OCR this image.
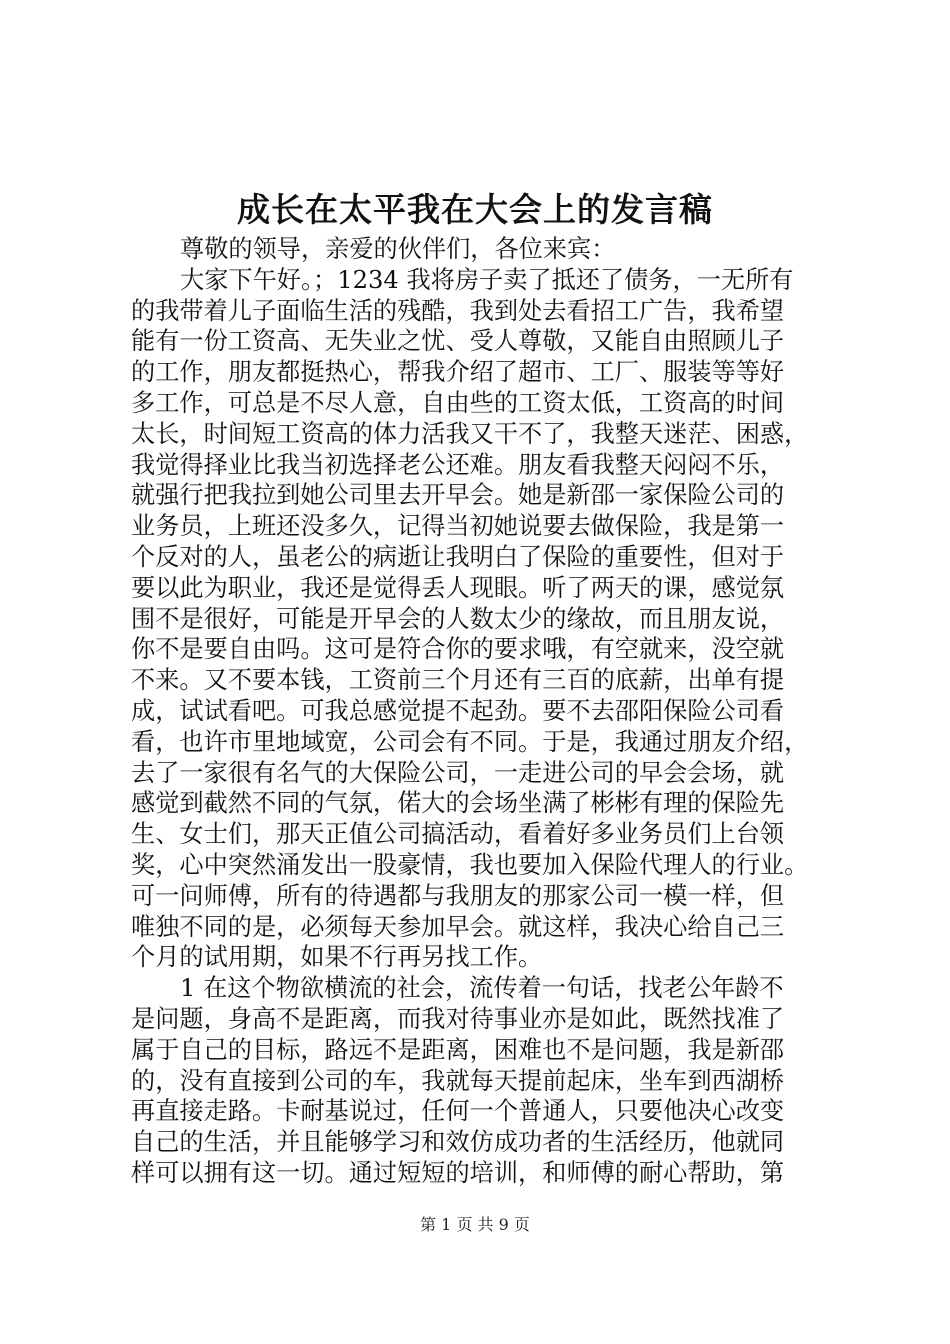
成长在太平我在大会上的发言稿
尊敬的领导，亲爱的伙伴们，各位来宾：
大家下午好。；1234 我将房子卖了抵还了债务，一无所有
的我带着儿子面临生活的残酷，我到处去看招工广告，我希望
能有一份工资高、无失业之忧、受人尊敬，又能自由照顾儿子
的工作，朋友都挺热心，帮我介绍了超市、工厂、服装等等好
多工作，可总是不尽人意，自由些的工资太低，工资高的时间
太长，时间短工资高的体力活我又干不了，我整天迷茫、困惑，
我觉得择业比我当初选择老公还难。朋友看我整天闷闷不乐，
就强行把我拉到她公司里去开早会。她是新邵一家保险公司的
业务员，上班还没多久，记得当初她说要去做保险，我是第一
个反对的人，虽老公的病逝让我明白了保险的重要性，但对于
要以此为职业，我还是觉得丢人现眼。听了两天的课，感觉氛
围不是很好，可能是开早会的人数太少的缘故，而且朋友说，
你不是要自由吗。这可是符合你的要求哦，有空就来，没空就
不来。又不要本钱，工资前三个月还有三百的底薪，出单有提
成，试试看吧。可我总感觉提不起劲。要不去邵阳保险公司看
看，也许市里地域宽，公司会有不同。于是，我通过朋友介绍，
去了一家很有名气的大保险公司，一走进公司的早会会场，就
感觉到截然不同的气氛，偌大的会场坐满了彬彬有理的保险先
生、女士们，那天正值公司搞活动，看着好多业务员们上台领
奖，心中突然涌发出一股豪情，我也要加入保险代理人的行业。
可一问师傅，所有的待遇都与我朋友的那家公司一模一样，但
唯独不同的是，必须每天参加早会。就这样，我决心给自己三
个月的试用期，如果不行再另找工作。
1 在这个物欲横流的社会，流传着一句话，找老公年龄不
是问题，身高不是距离，而我对待事业亦是如此，既然找准了
属于自己的目标，路远不是距离，困难也不是问题，我是新邵
的，没有直接到公司的车，我就每天提前起床，坐车到西湖桥
再直接走路。卡耐基说过，任何一个普通人，只要他决心改变
自己的生活，并且能够学习和效仿成功者的生活经历，他就同
样可以拥有这一切。通过短短的培训，和师傅的耐心帮助，第
第 1 页 共 9 页
